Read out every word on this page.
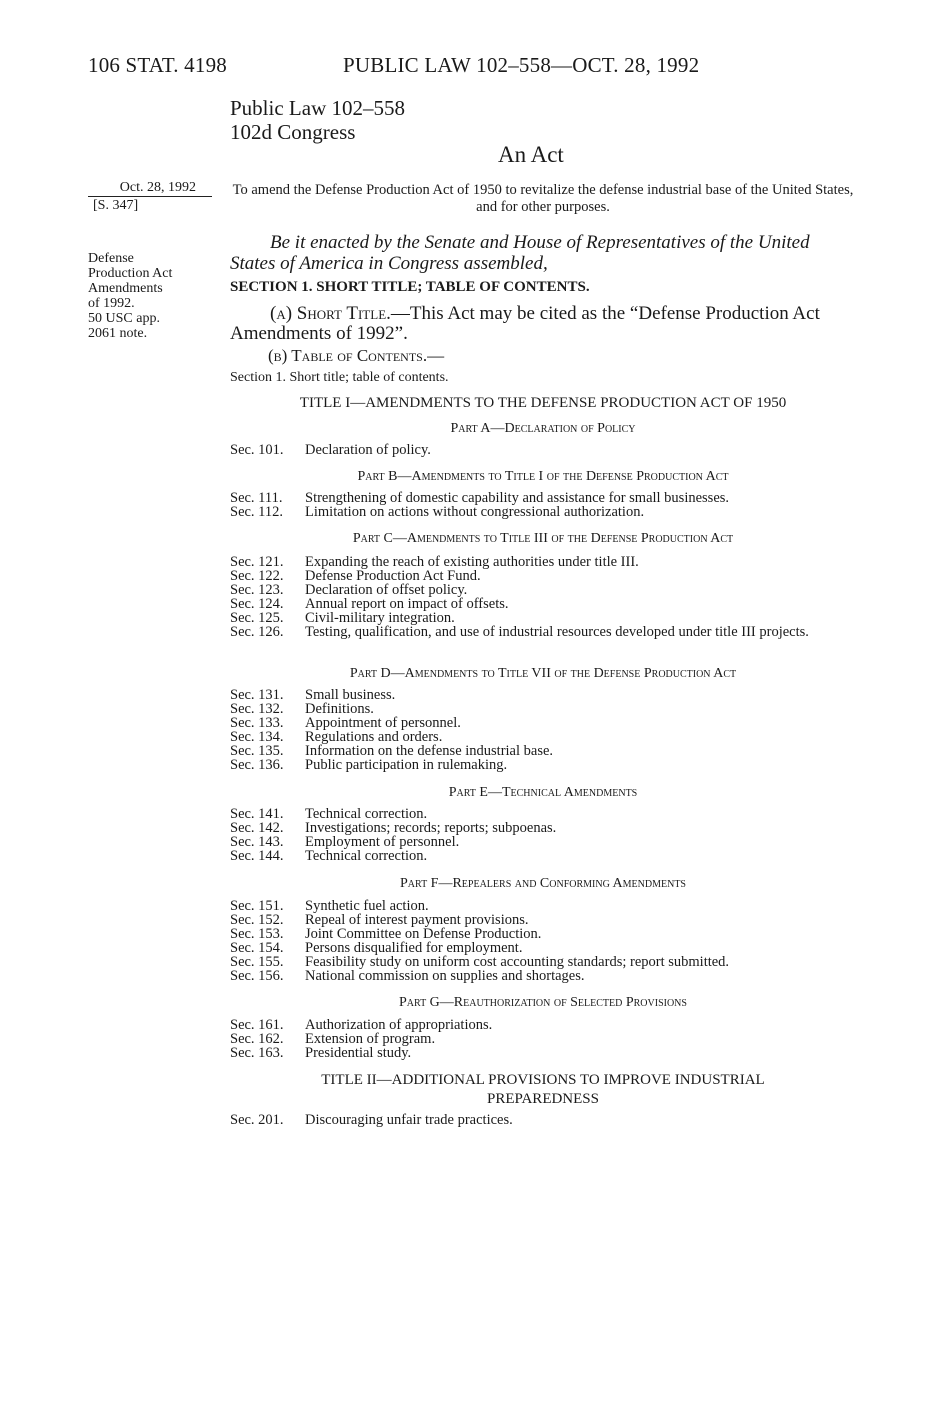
106 STAT. 4198	PUBLIC LAW 102–558—OCT. 28, 1992
Public Law 102–558
102d Congress
An Act
Oct. 28, 1992
[S. 347]
Defense
Production Act
Amendments
of 1992.
50 USC app.
2061 note.
To amend the Defense Production Act of 1950 to revitalize the defense industrial base of the United States, and for other purposes.
Be it enacted by the Senate and House of Representatives of the United States of America in Congress assembled,
SECTION 1. SHORT TITLE; TABLE OF CONTENTS.
(a) Short Title.—This Act may be cited as the “Defense Production Act Amendments of 1992”.
(b) Table of Contents.—
Section 1. Short title; table of contents.
TITLE I—AMENDMENTS TO THE DEFENSE PRODUCTION ACT OF 1950
Part A—Declaration of Policy
Sec. 101.	Declaration of policy.
Part B—Amendments to Title I of the Defense Production Act
Sec. 111.	Strengthening of domestic capability and assistance for small businesses.
Sec. 112.	Limitation on actions without congressional authorization.
Part C—Amendments to Title III of the Defense Production Act
Sec. 121.	Expanding the reach of existing authorities under title III.
Sec. 122.	Defense Production Act Fund.
Sec. 123.	Declaration of offset policy.
Sec. 124.	Annual report on impact of offsets.
Sec. 125.	Civil-military integration.
Sec. 126.	Testing, qualification, and use of industrial resources developed under title III projects.
Part D—Amendments to Title VII of the Defense Production Act
Sec. 131.	Small business.
Sec. 132.	Definitions.
Sec. 133.	Appointment of personnel.
Sec. 134.	Regulations and orders.
Sec. 135.	Information on the defense industrial base.
Sec. 136.	Public participation in rulemaking.
Part E—Technical Amendments
Sec. 141.	Technical correction.
Sec. 142.	Investigations; records; reports; subpoenas.
Sec. 143.	Employment of personnel.
Sec. 144.	Technical correction.
Part F—Repealers and Conforming Amendments
Sec. 151.	Synthetic fuel action.
Sec. 152.	Repeal of interest payment provisions.
Sec. 153.	Joint Committee on Defense Production.
Sec. 154.	Persons disqualified for employment.
Sec. 155.	Feasibility study on uniform cost accounting standards; report submitted.
Sec. 156.	National commission on supplies and shortages.
Part G—Reauthorization of Selected Provisions
Sec. 161.	Authorization of appropriations.
Sec. 162.	Extension of program.
Sec. 163.	Presidential study.
TITLE II—ADDITIONAL PROVISIONS TO IMPROVE INDUSTRIAL
PREPAREDNESS
Sec. 201.	Discouraging unfair trade practices.
